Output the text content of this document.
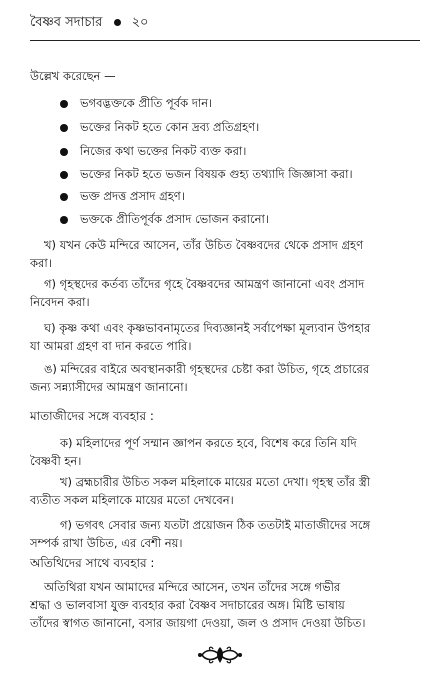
বৈষ্ণব সদাচার ২০
উল্লেখ করেছেন —
ভগবদ্ভক্তকে প্রীতি পূর্বক দান।
ভক্তের নিকট হতে কোন দ্রব্য প্রতিগ্রহণ।
নিজের কথা ভক্তের নিকট ব্যক্ত করা।
ভক্তের নিকট হতে ভজন বিষয়ক গুহ্য তথ্যাদি জিজ্ঞাসা করা।
ভক্ত প্রদত্ত প্রসাদ গ্রহণ।
ভক্তকে প্রীতিপূর্বক প্রসাদ ভোজন করানো।
খ) যখন কেউ মন্দিরে আসেন, তাঁর উচিত বৈষ্ণবদের থেকে প্রসাদ গ্রহণ
করা।
গ) গৃহস্থদের কর্তব্য তাঁদের গৃহে বৈষ্ণবদের আমন্ত্রণ জানানো এবং প্রসাদ
নিবেদন করা।
ঘ) কৃষ্ণ কথা এবং কৃষ্ণভাবনামৃতের দিব্যজ্ঞানই সর্বাপেক্ষা মূল্যবান উপহার
যা আমরা গ্রহণ বা দান করতে পারি।
ঙ) মন্দিরের বাইরে অবস্থানকারী গৃহস্থদের চেষ্টা করা উচিত, গৃহে প্রচারের
জন্য সন্ন্যাসীদের আমন্ত্রণ জানানো।
মাতাজীদের সঙ্গে ব্যবহার :
ক) মহিলাদের পূর্ণ সম্মান জ্ঞাপন করতে হবে, বিশেষ করে তিনি যদি
বৈষ্ণবী হন।
খ) ব্রহ্মচারীর উচিত সকল মহিলাকে মায়ের মতো দেখা। গৃহস্থ তাঁর স্ত্রী
ব্যতীত সকল মহিলাকে মায়ের মতো দেখবেন।
গ) ভগবৎ সেবার জন্য যতটা প্রয়োজন ঠিক ততটাই মাতাজীদের সঙ্গে
সম্পর্ক রাখা উচিত, এর বেশী নয়।
অতিথিদের সাথে ব্যবহার :
অতিথিরা যখন আমাদের মন্দিরে আসেন, তখন তাঁদের সঙ্গে গভীর
শ্রদ্ধা ও ভালবাসা যুক্ত ব্যবহার করা বৈষ্ণব সদাচারের অঙ্গ। মিষ্টি ভাষায়
তাঁদের স্বাগত জানানো, বসার জায়গা দেওয়া, জল ও প্রসাদ দেওয়া উচিত।
